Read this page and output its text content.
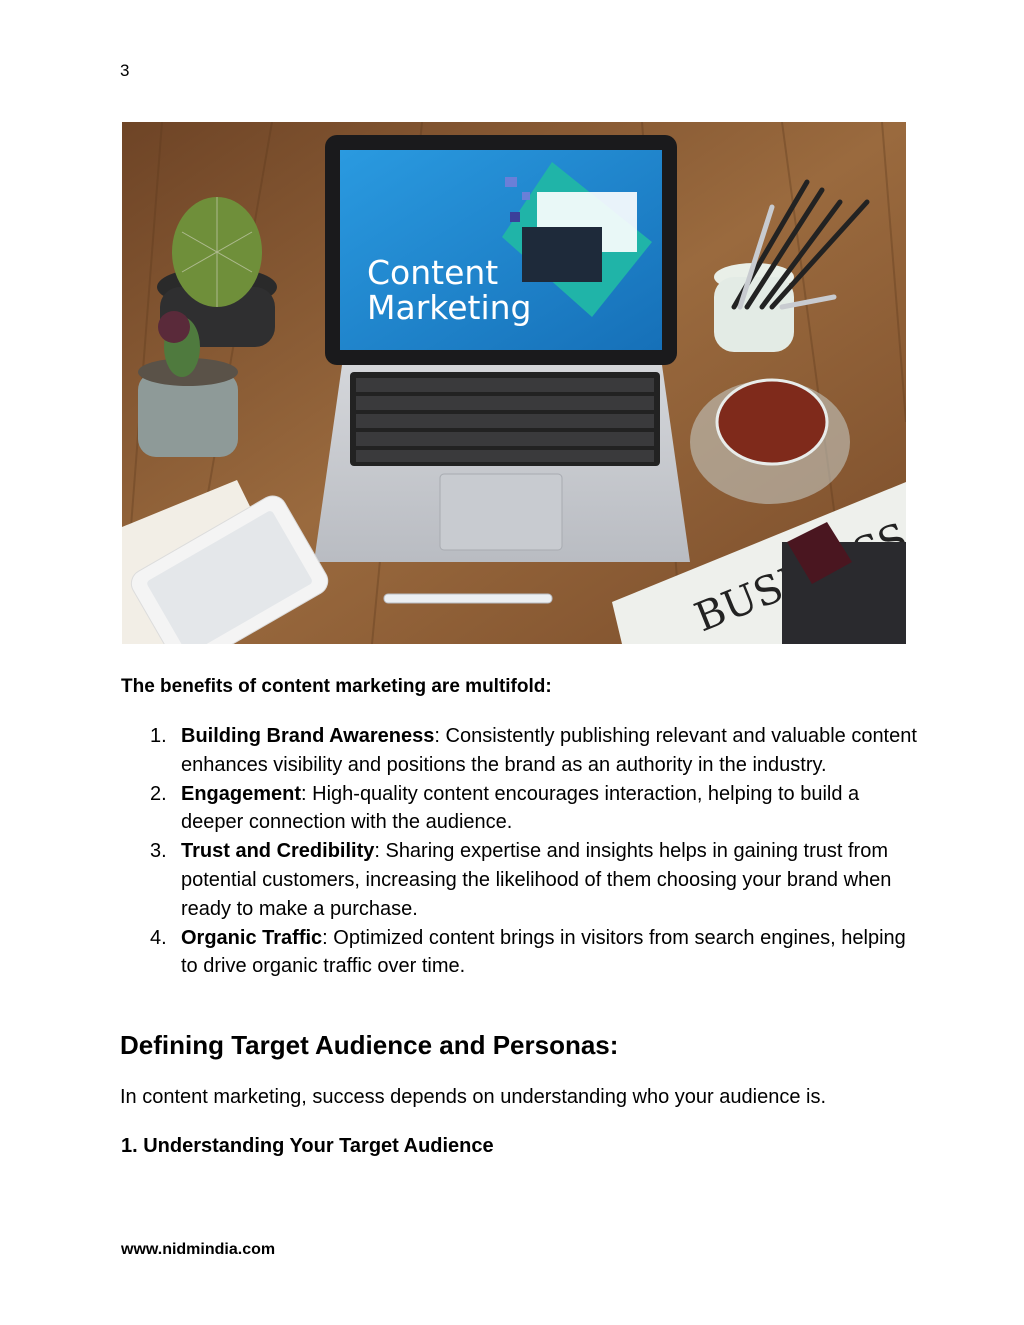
3
Content
Marketing
The benefits of content marketing are multifold:
1. Building Brand Awareness: Consistently publishing relevant and valuable content enhances visibility and positions the brand as an authority in the industry.
2. Engagement: High-quality content encourages interaction, helping to build a deeper connection with the audience.
3. Trust and Credibility: Sharing expertise and insights helps in gaining trust from potential customers, increasing the likelihood of them choosing your brand when ready to make a purchase.
4. Organic Traffic: Optimized content brings in visitors from search engines, helping to drive organic traffic over time.
Defining Target Audience and Personas:

In content marketing, success depends on understanding who your audience is.

1. Understanding Your Target Audience
www.nidmindia.com
